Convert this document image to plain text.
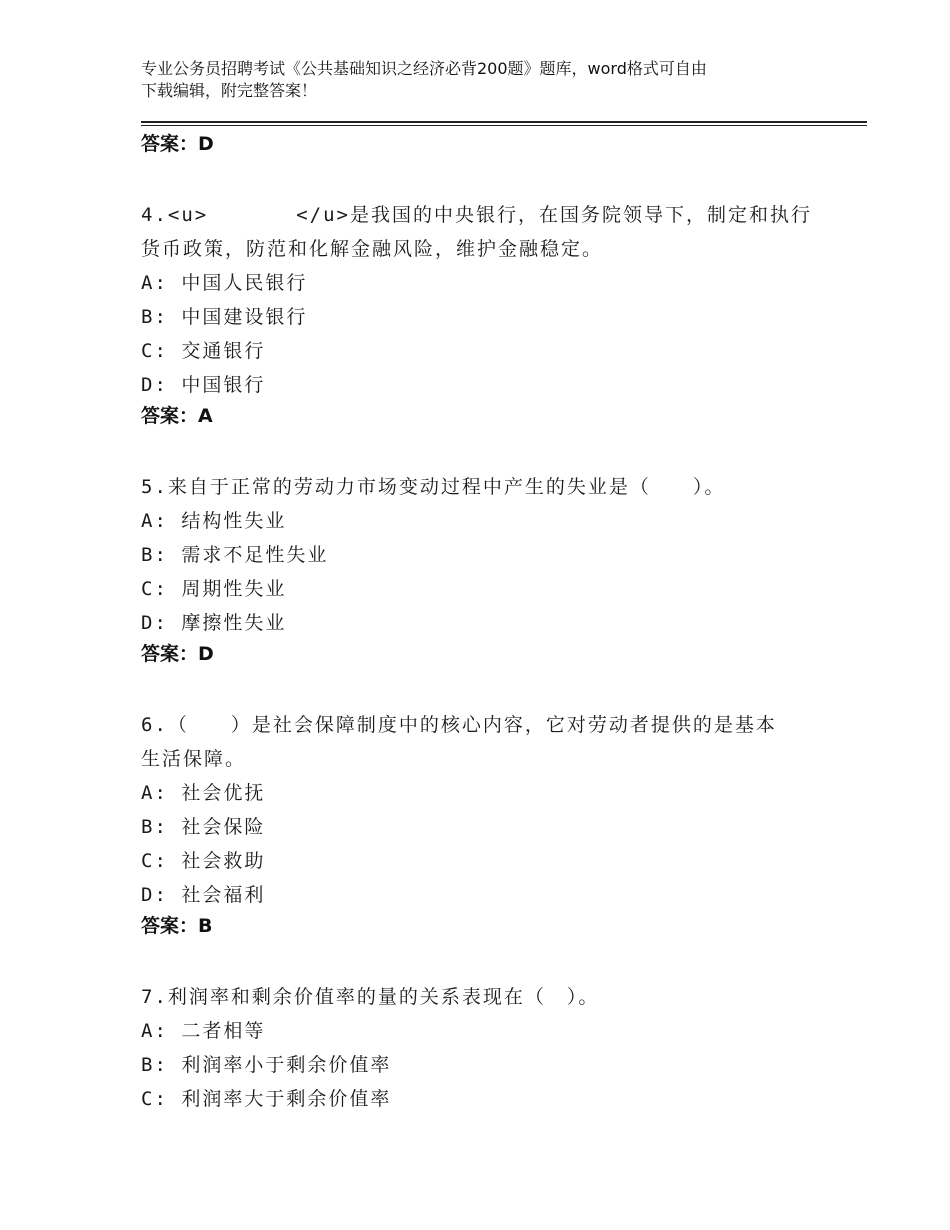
专业公务员招聘考试《公共基础知识之经济必背200题》题库，word格式可自由
下载编辑，附完整答案！
答案：D
4.<u>	</u>是我国的中央银行，在国务院领导下，制定和执行
货币政策，防范和化解金融风险，维护金融稳定。
A: 中国人民银行
B: 中国建设银行
C: 交通银行
D: 中国银行
答案：A
5.来自于正常的劳动力市场变动过程中产生的失业是（　　）。
A: 结构性失业
B: 需求不足性失业
C: 周期性失业
D: 摩擦性失业
答案：D
6.（　　）是社会保障制度中的核心内容，它对劳动者提供的是基本
生活保障。
A: 社会优抚
B: 社会保险
C: 社会救助
D: 社会福利
答案：B
7.利润率和剩余价值率的量的关系表现在（　）。
A: 二者相等
B: 利润率小于剩余价值率
C: 利润率大于剩余价值率
